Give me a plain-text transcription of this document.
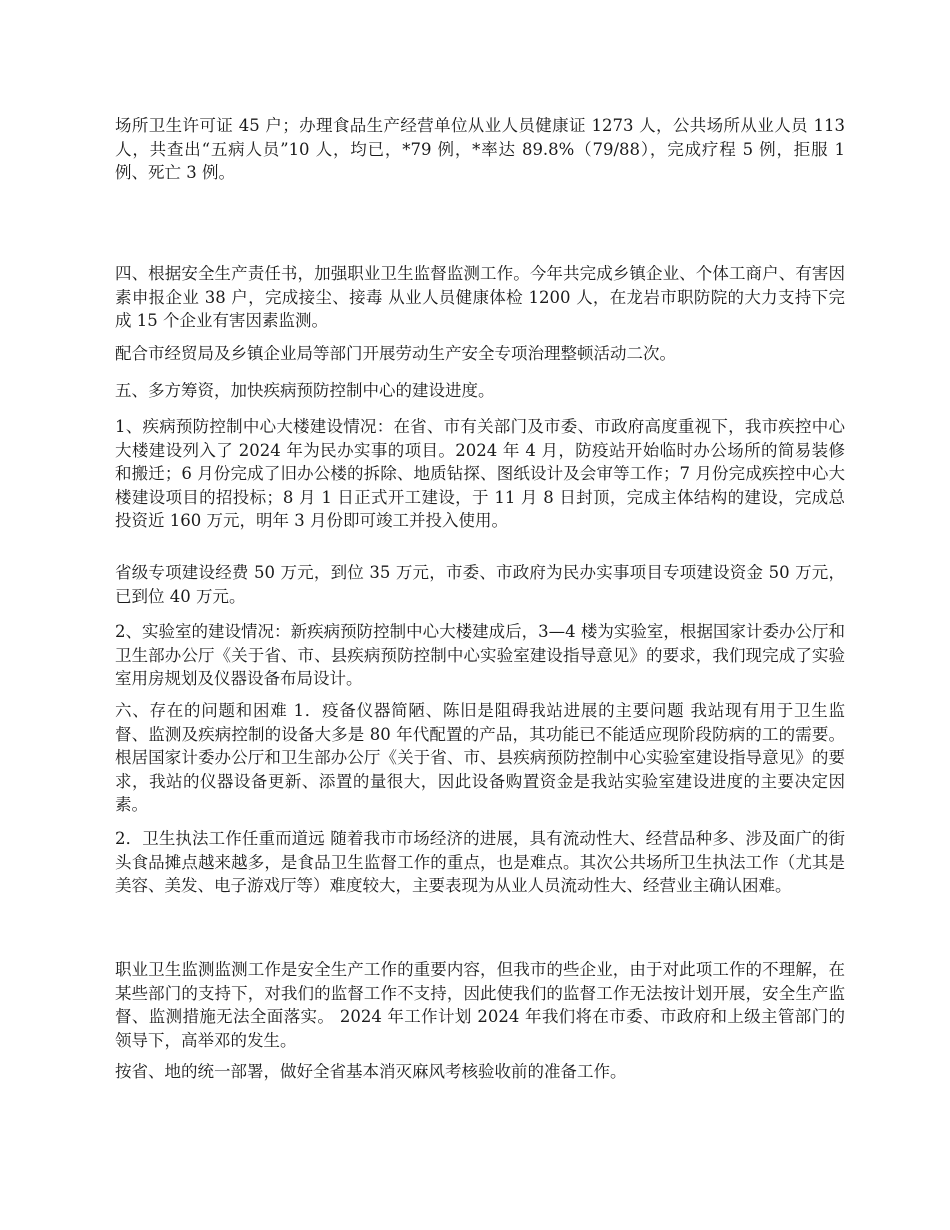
场所卫生许可证 45 户；办理食品生产经营单位从业人员健康证 1273 人，公共场所从业人员 113 人，共查出“五病人员”10 人，均已，*79 例，*率达 89.8%（79/88），完成疗程 5 例，拒服 1 例、死亡 3 例。

四、根据安全生产责任书，加强职业卫生监督监测工作。今年共完成乡镇企业、个体工商户、有害因素申报企业 38 户，完成接尘、接毒 从业人员健康体检 1200 人，在龙岩市职防院的大力支持下完成 15 个企业有害因素监测。

配合市经贸局及乡镇企业局等部门开展劳动生产安全专项治理整顿活动二次。

五、多方筹资，加快疾病预防控制中心的建设进度。

1、疾病预防控制中心大楼建设情况：在省、市有关部门及市委、市政府高度重视下，我市疾控中心大楼建设列入了 2024 年为民办实事的项目。2024 年 4 月，防疫站开始临时办公场所的简易装修和搬迁；6 月份完成了旧办公楼的拆除、地质钻探、图纸设计及会审等工作；7 月份完成疾控中心大楼建设项目的招投标；8 月 1 日正式开工建设，于 11 月 8 日封顶，完成主体结构的建设，完成总投资近 160 万元，明年 3 月份即可竣工并投入使用。

省级专项建设经费 50 万元，到位 35 万元，市委、市政府为民办实事项目专项建设资金 50 万元，已到位 40 万元。

2、实验室的建设情况：新疾病预防控制中心大楼建成后，3—4 楼为实验室，根据国家计委办公厅和卫生部办公厅《关于省、市、县疾病预防控制中心实验室建设指导意见》的要求，我们现完成了实验室用房规划及仪器设备布局设计。

六、存在的问题和困难 1．疫备仪器简陋、陈旧是阻碍我站进展的主要问题 我站现有用于卫生监督、监测及疾病控制的设备大多是 80 年代配置的产品，其功能已不能适应现阶段防病的工的需要。根居国家计委办公厅和卫生部办公厅《关于省、市、县疾病预防控制中心实验室建设指导意见》的要求，我站的仪器设备更新、添置的量很大，因此设备购置资金是我站实验室建设进度的主要决定因素。

2．卫生执法工作任重而道远 随着我市市场经济的进展，具有流动性大、经营品种多、涉及面广的街头食品摊点越来越多，是食品卫生监督工作的重点，也是难点。其次公共场所卫生执法工作（尤其是美容、美发、电子游戏厅等）难度较大，主要表现为从业人员流动性大、经营业主确认困难。

职业卫生监测监测工作是安全生产工作的重要内容，但我市的些企业，由于对此项工作的不理解，在某些部门的支持下，对我们的监督工作不支持，因此使我们的监督工作无法按计划开展，安全生产监督、监测措施无法全面落实。 2024 年工作计划 2024 年我们将在市委、市政府和上级主管部门的领导下，高举邓的发生。

按省、地的统一部署，做好全省基本消灭麻风考核验收前的准备工作。
